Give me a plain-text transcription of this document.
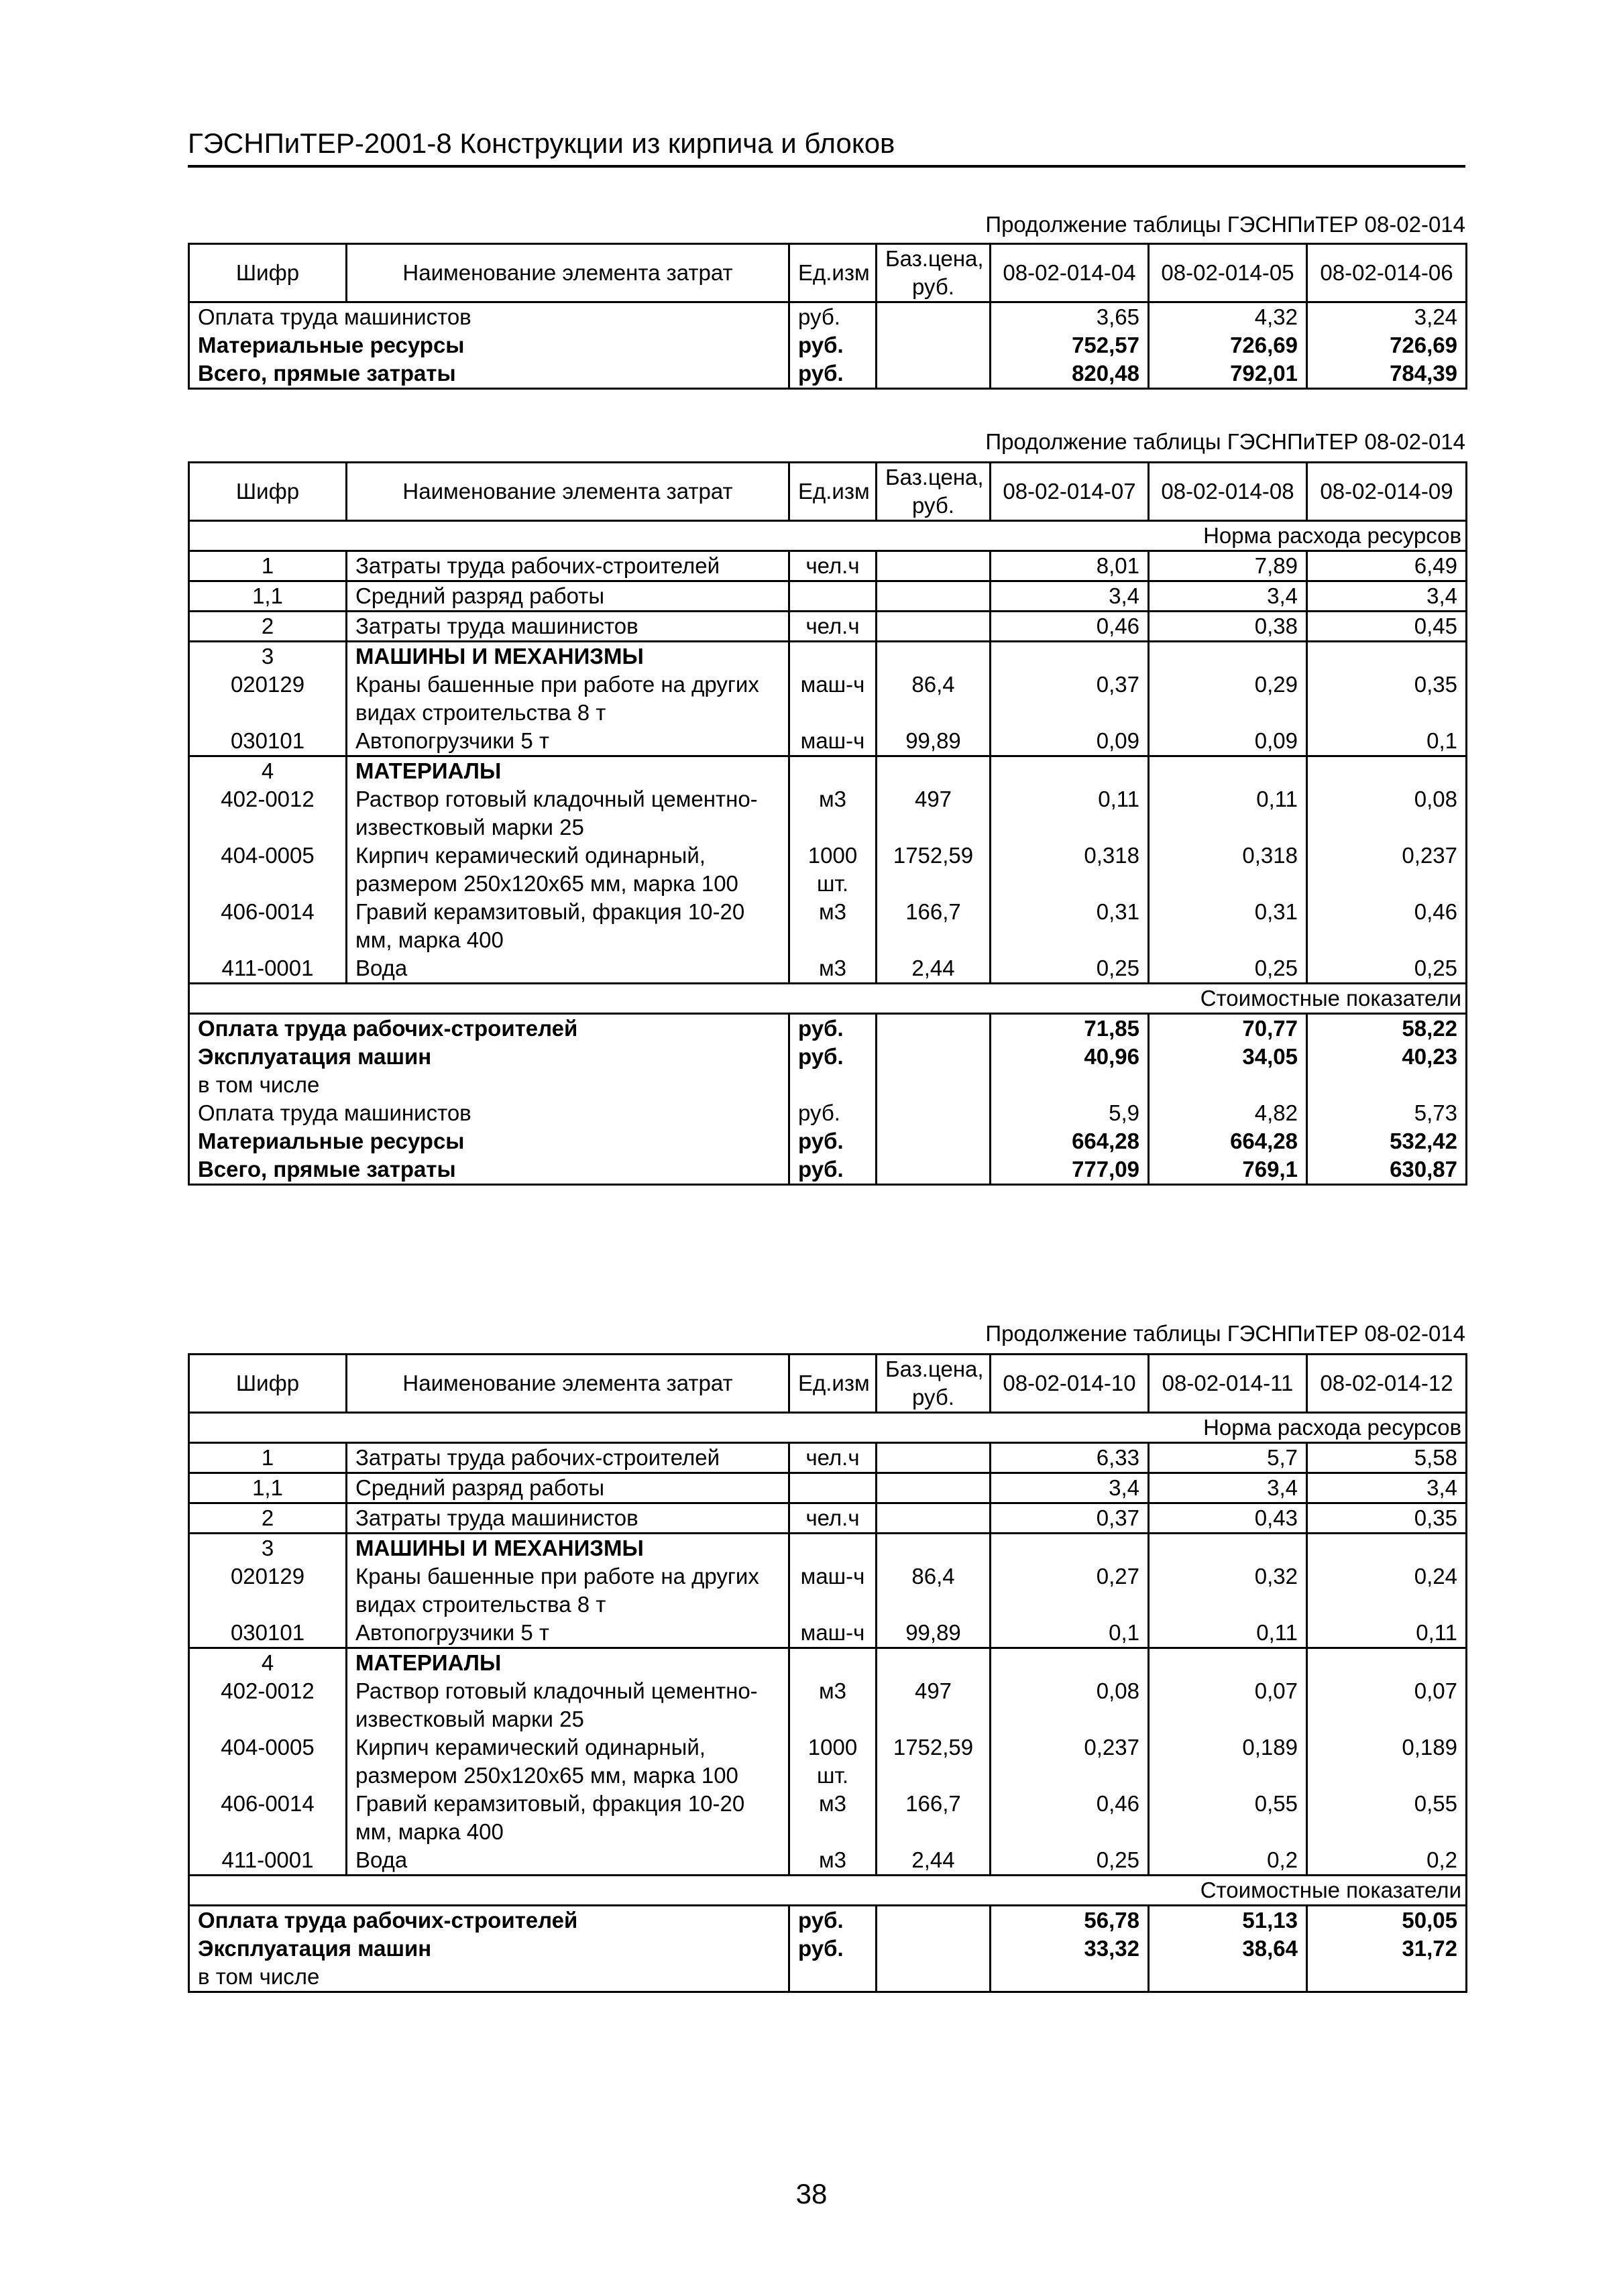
ГЭСНПиТЕР-2001-8 Конструкции из кирпича и блоков
Продолжение таблицы ГЭСНПиТЕР 08-02-014
Шифр	Наименование элемента затрат	Ед.изм	Баз.цена, руб.	08-02-014-04	08-02-014-05	08-02-014-06
Оплата труда машинистов		руб.		3,65	4,32	3,24
Материальные ресурсы		руб.		752,57	726,69	726,69
Всего, прямые затраты		руб.		820,48	792,01	784,39
Продолжение таблицы ГЭСНПиТЕР 08-02-014
Шифр	Наименование элемента затрат	Ед.изм	Баз.цена, руб.	08-02-014-07	08-02-014-08	08-02-014-09
Норма расхода ресурсов						
1	Затраты труда рабочих-строителей	чел.ч		8,01	7,89	6,49
1,1	Средний разряд работы			3,4	3,4	3,4
2	Затраты труда машинистов	чел.ч		0,46	0,38	0,45
3	МАШИНЫ И МЕХАНИЗМЫ					
020129	Краны башенные при работе на других видах строительства 8 т	маш-ч	86,4	0,37	0,29	0,35
030101	Автопогрузчики 5 т	маш-ч	99,89	0,09	0,09	0,1
4	МАТЕРИАЛЫ					
402-0012	Раствор готовый кладочный цементно-известковый марки 25	м3	497	0,11	0,11	0,08
404-0005	Кирпич керамический одинарный, размером 250х120х65 мм, марка 100	1000 шт.	1752,59	0,318	0,318	0,237
406-0014	Гравий керамзитовый, фракция 10-20 мм, марка 400	м3	166,7	0,31	0,31	0,46
411-0001	Вода	м3	2,44	0,25	0,25	0,25
Стоимостные показатели						
Оплата труда рабочих-строителей		руб.		71,85	70,77	58,22
Эксплуатация машин		руб.		40,96	34,05	40,23
в том числе						
Оплата труда машинистов		руб.		5,9	4,82	5,73
Материальные ресурсы		руб.		664,28	664,28	532,42
Всего, прямые затраты		руб.		777,09	769,1	630,87
Продолжение таблицы ГЭСНПиТЕР 08-02-014
Шифр	Наименование элемента затрат	Ед.изм	Баз.цена, руб.	08-02-014-10	08-02-014-11	08-02-014-12
Норма расхода ресурсов						
1	Затраты труда рабочих-строителей	чел.ч		6,33	5,7	5,58
1,1	Средний разряд работы			3,4	3,4	3,4
2	Затраты труда машинистов	чел.ч		0,37	0,43	0,35
3	МАШИНЫ И МЕХАНИЗМЫ					
020129	Краны башенные при работе на других видах строительства 8 т	маш-ч	86,4	0,27	0,32	0,24
030101	Автопогрузчики 5 т	маш-ч	99,89	0,1	0,11	0,11
4	МАТЕРИАЛЫ					
402-0012	Раствор готовый кладочный цементно-известковый марки 25	м3	497	0,08	0,07	0,07
404-0005	Кирпич керамический одинарный, размером 250х120х65 мм, марка 100	1000 шт.	1752,59	0,237	0,189	0,189
406-0014	Гравий керамзитовый, фракция 10-20 мм, марка 400	м3	166,7	0,46	0,55	0,55
411-0001	Вода	м3	2,44	0,25	0,2	0,2
Стоимостные показатели						
Оплата труда рабочих-строителей		руб.		56,78	51,13	50,05
Эксплуатация машин		руб.		33,32	38,64	31,72
в том числе						
38
